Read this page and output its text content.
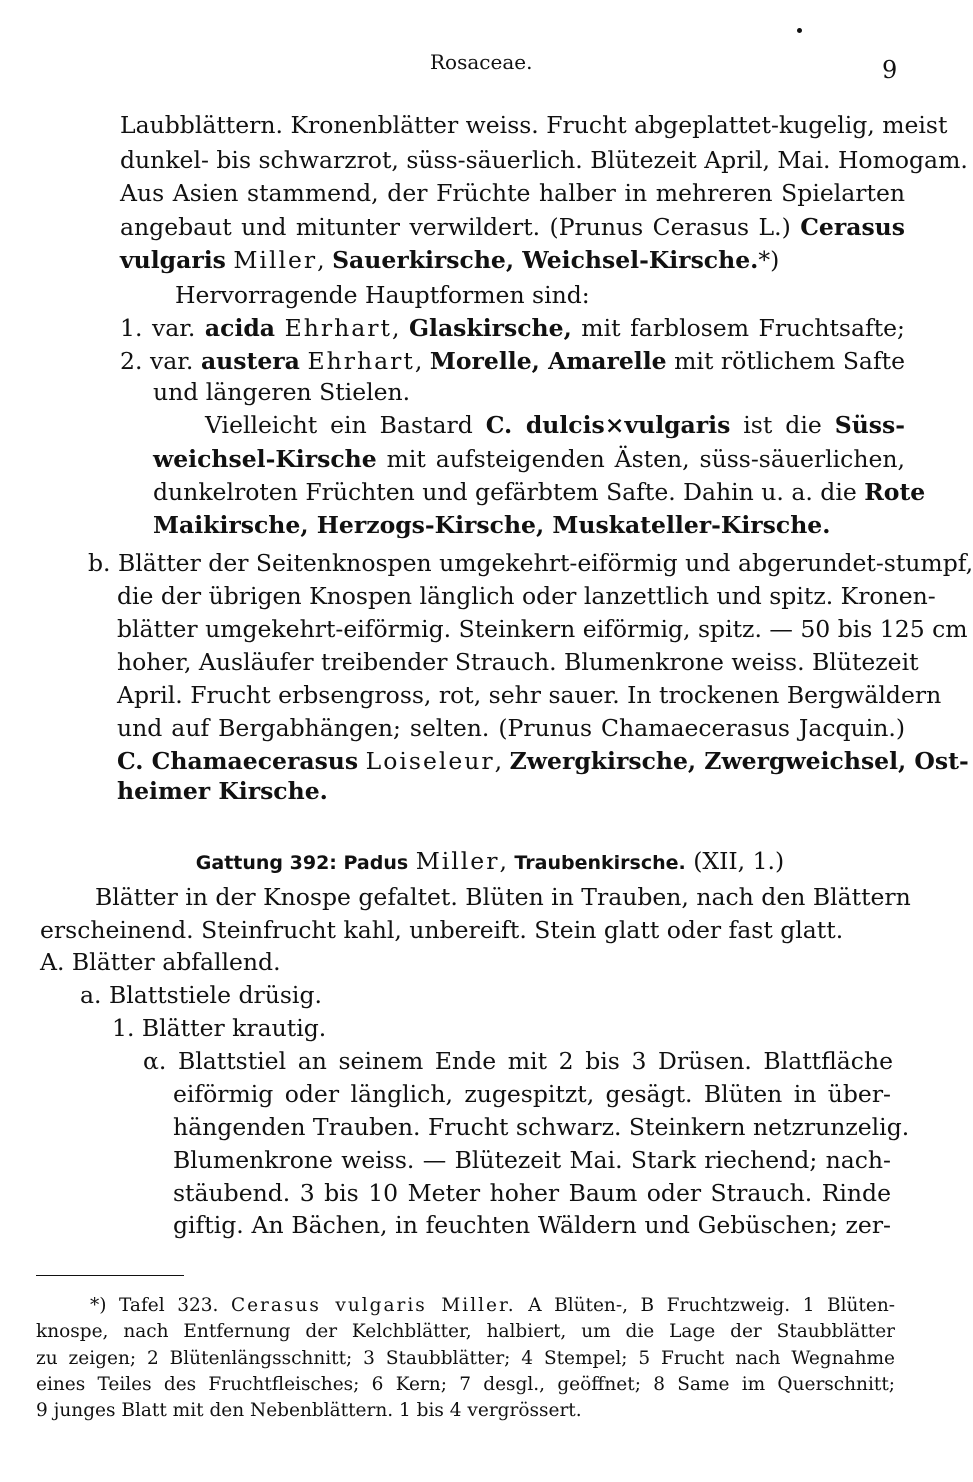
Rosaceae.	9
Laubblättern. Kronenblätter weiss. Frucht abgeplattet-kugelig, meist
dunkel- bis schwarzrot, süss-säuerlich. Blütezeit April, Mai. Homogam.
Aus Asien stammend, der Früchte halber in mehreren Spielarten
angebaut und mitunter verwildert. (Prunus Cerasus L.) Cerasus
vulgaris Miller, Sauerkirsche, Weichsel-Kirsche.*)
Hervorragende Hauptformen sind:
1. var. acida Ehrhart, Glaskirsche, mit farblosem Fruchtsafte;
2. var. austera Ehrhart, Morelle, Amarelle mit rötlichem Safte
und längeren Stielen.
Vielleicht ein Bastard C. dulcis×vulgaris ist die Süss-
weichsel-Kirsche mit aufsteigenden Ästen, süss-säuerlichen,
dunkelroten Früchten und gefärbtem Safte. Dahin u. a. die Rote
Maikirsche, Herzogs-Kirsche, Muskateller-Kirsche.
b. Blätter der Seitenknospen umgekehrt-eiförmig und abgerundet-stumpf,
die der übrigen Knospen länglich oder lanzettlich und spitz. Kronen-
blätter umgekehrt-eiförmig. Steinkern eiförmig, spitz. — 50 bis 125 cm
hoher, Ausläufer treibender Strauch. Blumenkrone weiss. Blütezeit
April. Frucht erbsengross, rot, sehr sauer. In trockenen Bergwäldern
und auf Bergabhängen; selten. (Prunus Chamaecerasus Jacquin.)
C. Chamaecerasus Loiseleur, Zwergkirsche, Zwergweichsel, Ost-
heimer Kirsche.
Gattung 392: Padus Miller, Traubenkirsche. (XII, 1.)
Blätter in der Knospe gefaltet. Blüten in Trauben, nach den Blättern
erscheinend. Steinfrucht kahl, unbereift. Stein glatt oder fast glatt.
A. Blätter abfallend.
a. Blattstiele drüsig.
1. Blätter krautig.
α. Blattstiel an seinem Ende mit 2 bis 3 Drüsen. Blattfläche
eiförmig oder länglich, zugespitzt, gesägt. Blüten in über-
hängenden Trauben. Frucht schwarz. Steinkern netzrunzelig.
Blumenkrone weiss. — Blütezeit Mai. Stark riechend; nach-
stäubend. 3 bis 10 Meter hoher Baum oder Strauch. Rinde
giftig. An Bächen, in feuchten Wäldern und Gebüschen; zer-
*) Tafel 323. Cerasus vulgaris Miller. A Blüten-, B Fruchtzweig. 1 Blüten-
knospe, nach Entfernung der Kelchblätter, halbiert, um die Lage der Staubblätter
zu zeigen; 2 Blütenlängsschnitt; 3 Staubblätter; 4 Stempel; 5 Frucht nach Wegnahme
eines Teiles des Fruchtfleisches; 6 Kern; 7 desgl., geöffnet; 8 Same im Querschnitt;
9 junges Blatt mit den Nebenblättern. 1 bis 4 vergrössert.
